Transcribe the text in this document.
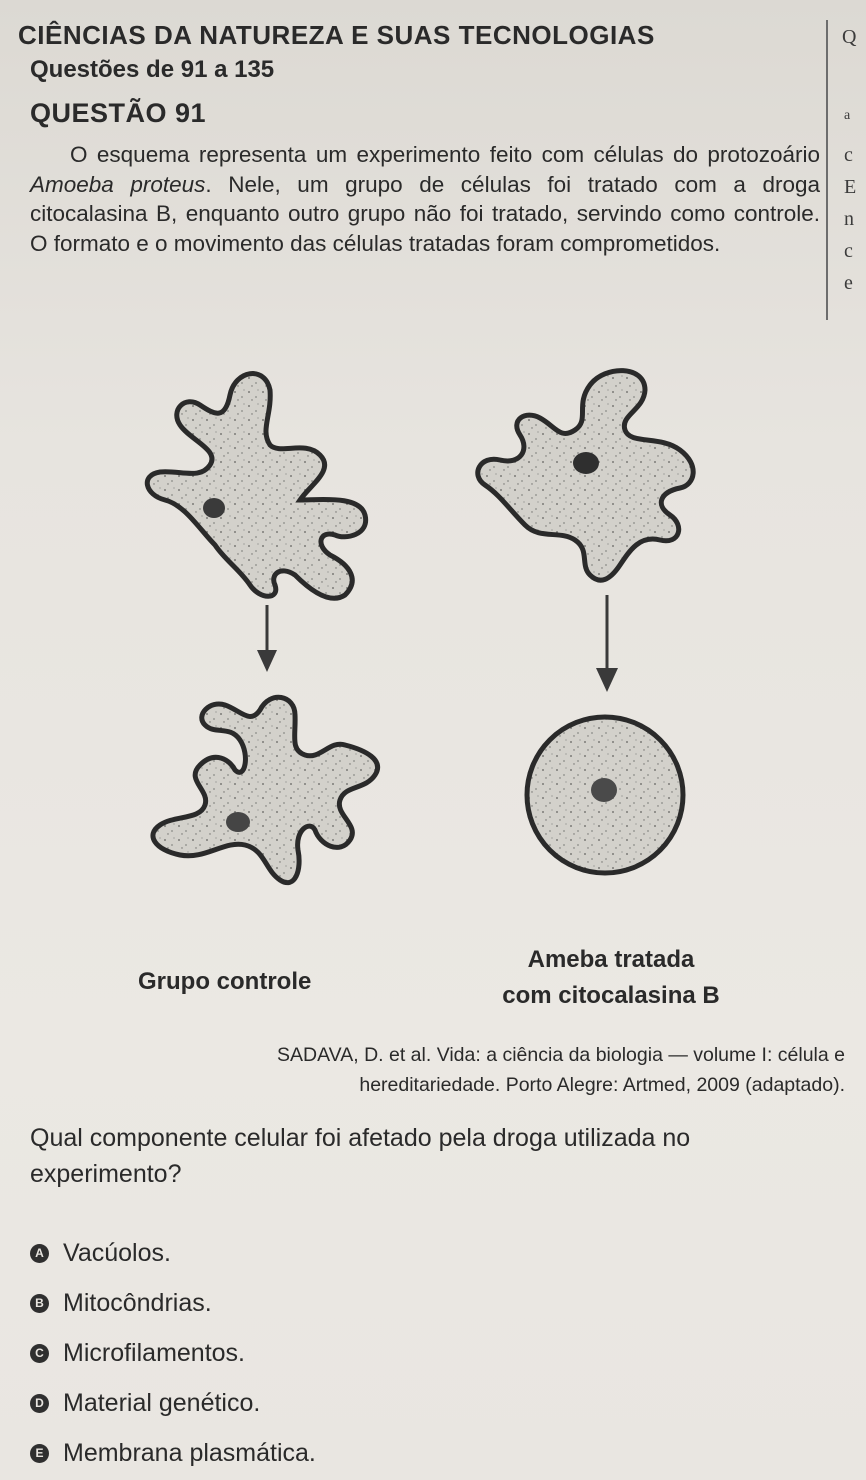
Q
a
c
E
n
c
e
CIÊNCIAS DA NATUREZA E SUAS TECNOLOGIAS
Questões de 91 a 135
QUESTÃO 91

O esquema representa um experimento feito com células do protozoário Amoeba proteus. Nele, um grupo de células foi tratado com a droga citocalasina B, enquanto outro grupo não foi tratado, servindo como controle. O formato e o movimento das células tratadas foram comprometidos.

Grupo controle
Ameba tratada
com citocalasina B
SADAVA, D. et al. Vida: a ciência da biologia — volume I: célula e
hereditariedade. Porto Alegre: Artmed, 2009 (adaptado).
Qual componente celular foi afetado pela droga utilizada no experimento?
A Vacúolos.
B Mitocôndrias.
C Microfilamentos.
D Material genético.
E Membrana plasmática.
